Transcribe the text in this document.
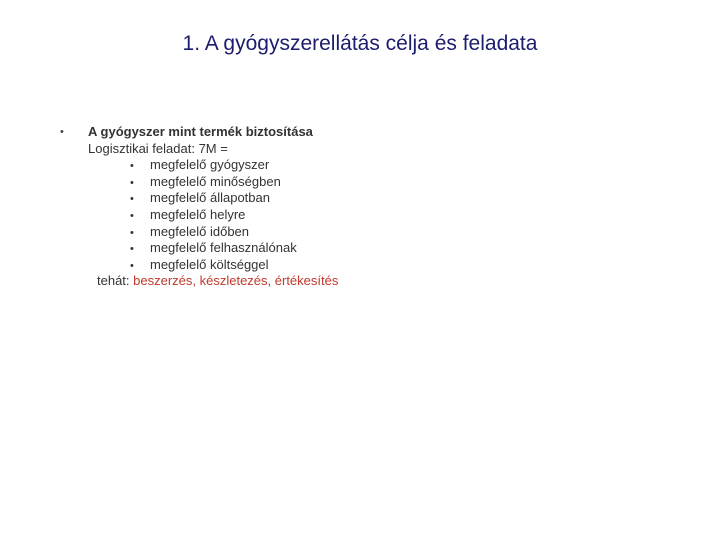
1. A gyógyszerellátás célja és feladata
• A gyógyszer mint termék biztosítása
Logisztikai feladat: 7M =
• megfelelő gyógyszer
• megfelelő minőségben
• megfelelő állapotban
• megfelelő helyre
• megfelelő időben
• megfelelő felhasználónak
• megfelelő költséggel
tehát: beszerzés, készletezés, értékesítés
